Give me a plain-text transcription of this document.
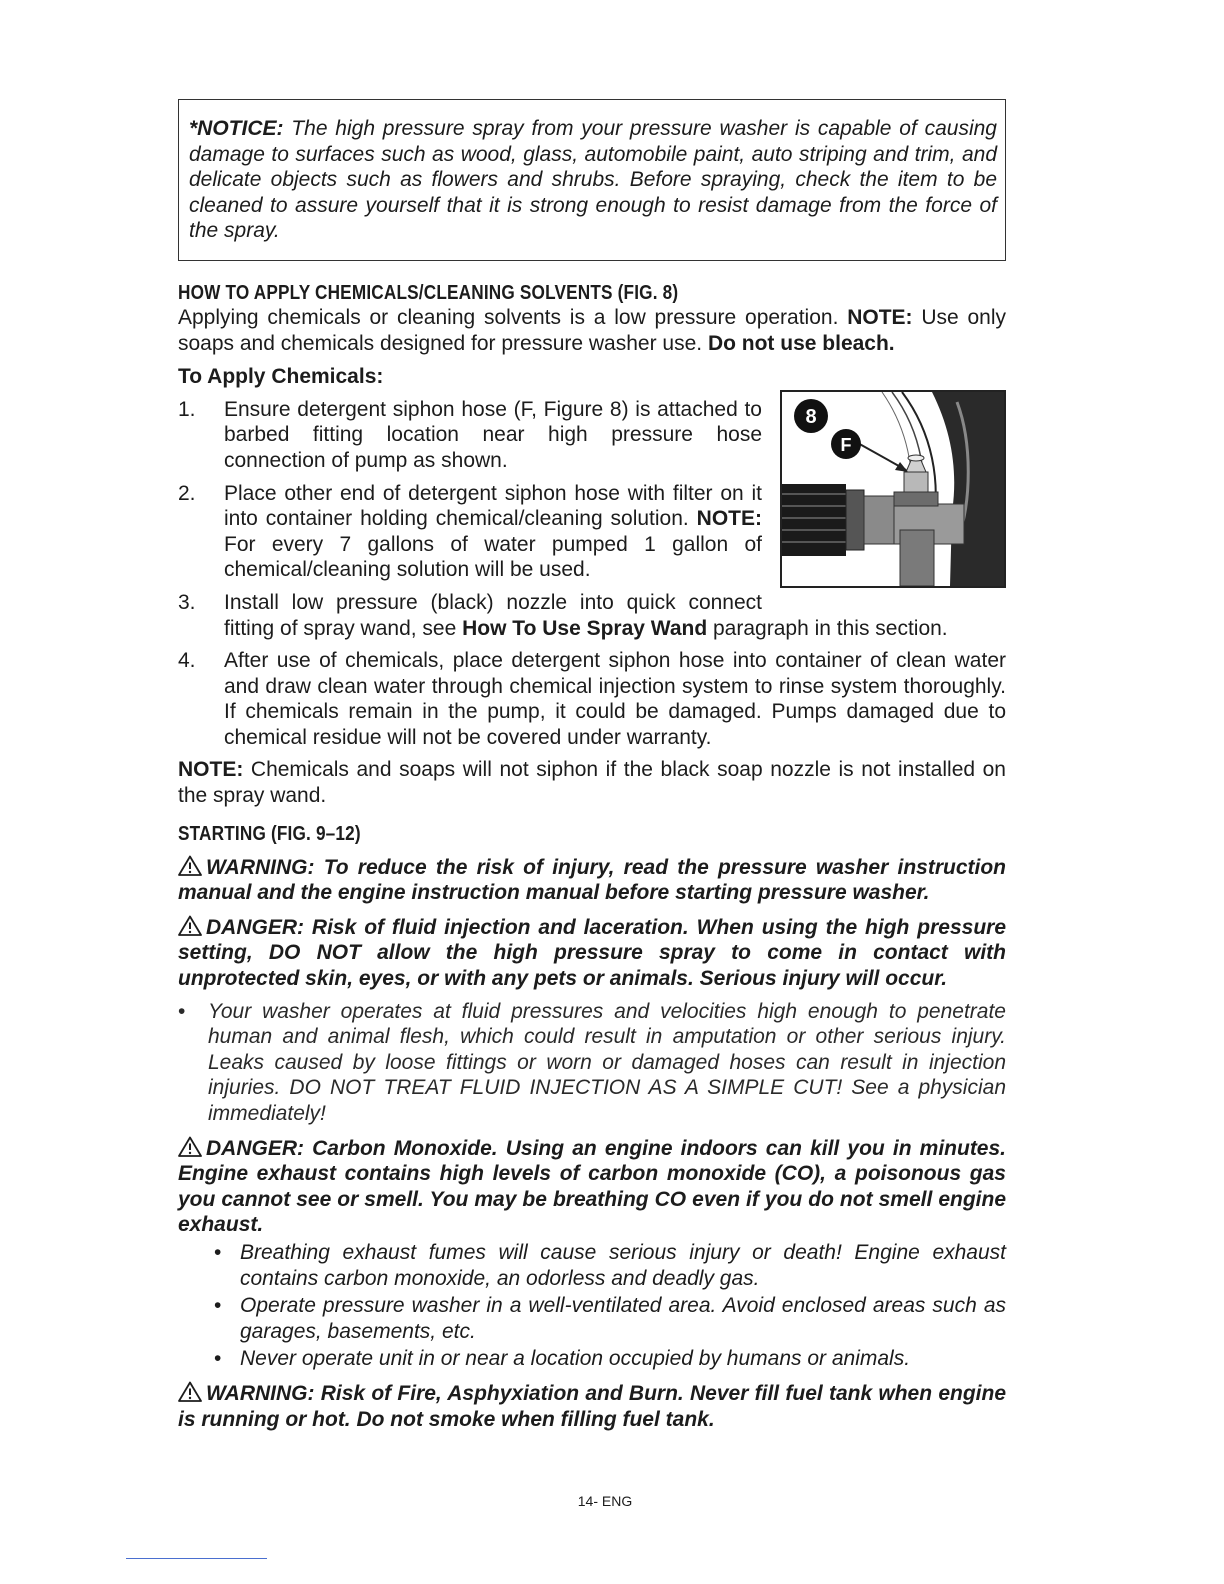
*NOTICE: The high pressure spray from your pressure washer is capable of causing damage to surfaces such as wood, glass, automobile paint, auto striping and trim, and delicate objects such as flowers and shrubs. Before spraying, check the item to be cleaned to assure yourself that it is strong enough to resist damage from the force of the spray.
HOW TO APPLY CHEMICALS/CLEANING SOLVENTS (FIG. 8)

Applying chemicals or cleaning solvents is a low pressure operation. NOTE: Use only soaps and chemicals designed for pressure washer use. Do not use bleach.

To Apply Chemicals:
8
F
1. Ensure detergent siphon hose (F, Figure 8) is attached to barbed fitting location near high pressure hose connection of pump as shown.
2. Place other end of detergent siphon hose with filter on it into container holding chemical/cleaning solution. NOTE: For every 7 gallons of water pumped 1 gallon of chemical/cleaning solution will be used.
3. Install low pressure (black) nozzle into quick connect fitting of spray wand, see How To Use Spray Wand paragraph in this section.
4. After use of chemicals, place detergent siphon hose into container of clean water and draw clean water through chemical injection system to rinse system thoroughly. If chemicals remain in the pump, it could be damaged. Pumps damaged due to chemical residue will not be covered under warranty.

NOTE: Chemicals and soaps will not siphon if the black soap nozzle is not installed on the spray wand.

STARTING (FIG. 9–12)
WARNING: To reduce the risk of injury, read the pressure washer instruction manual and the engine instruction manual before starting pressure washer.
DANGER: Risk of fluid injection and laceration. When using the high pressure setting, DO NOT allow the high pressure spray to come in contact with unprotected skin, eyes, or with any pets or animals. Serious injury will occur.
• Your washer operates at fluid pressures and velocities high enough to penetrate human and animal flesh, which could result in amputation or other serious injury. Leaks caused by loose fittings or worn or damaged hoses can result in injection injuries. DO NOT TREAT FLUID INJECTION AS A SIMPLE CUT! See a physician immediately!
DANGER: Carbon Monoxide. Using an engine indoors can kill you in minutes. Engine exhaust contains high levels of carbon monoxide (CO), a poisonous gas you cannot see or smell. You may be breathing CO even if you do not smell engine exhaust.
• Breathing exhaust fumes will cause serious injury or death! Engine exhaust contains carbon monoxide, an odorless and deadly gas.
• Operate pressure washer in a well-ventilated area. Avoid enclosed areas such as garages, basements, etc.
• Never operate unit in or near a location occupied by humans or animals.
WARNING: Risk of Fire, Asphyxiation and Burn. Never fill fuel tank when engine is running or hot. Do not smoke when filling fuel tank.
14- ENG
